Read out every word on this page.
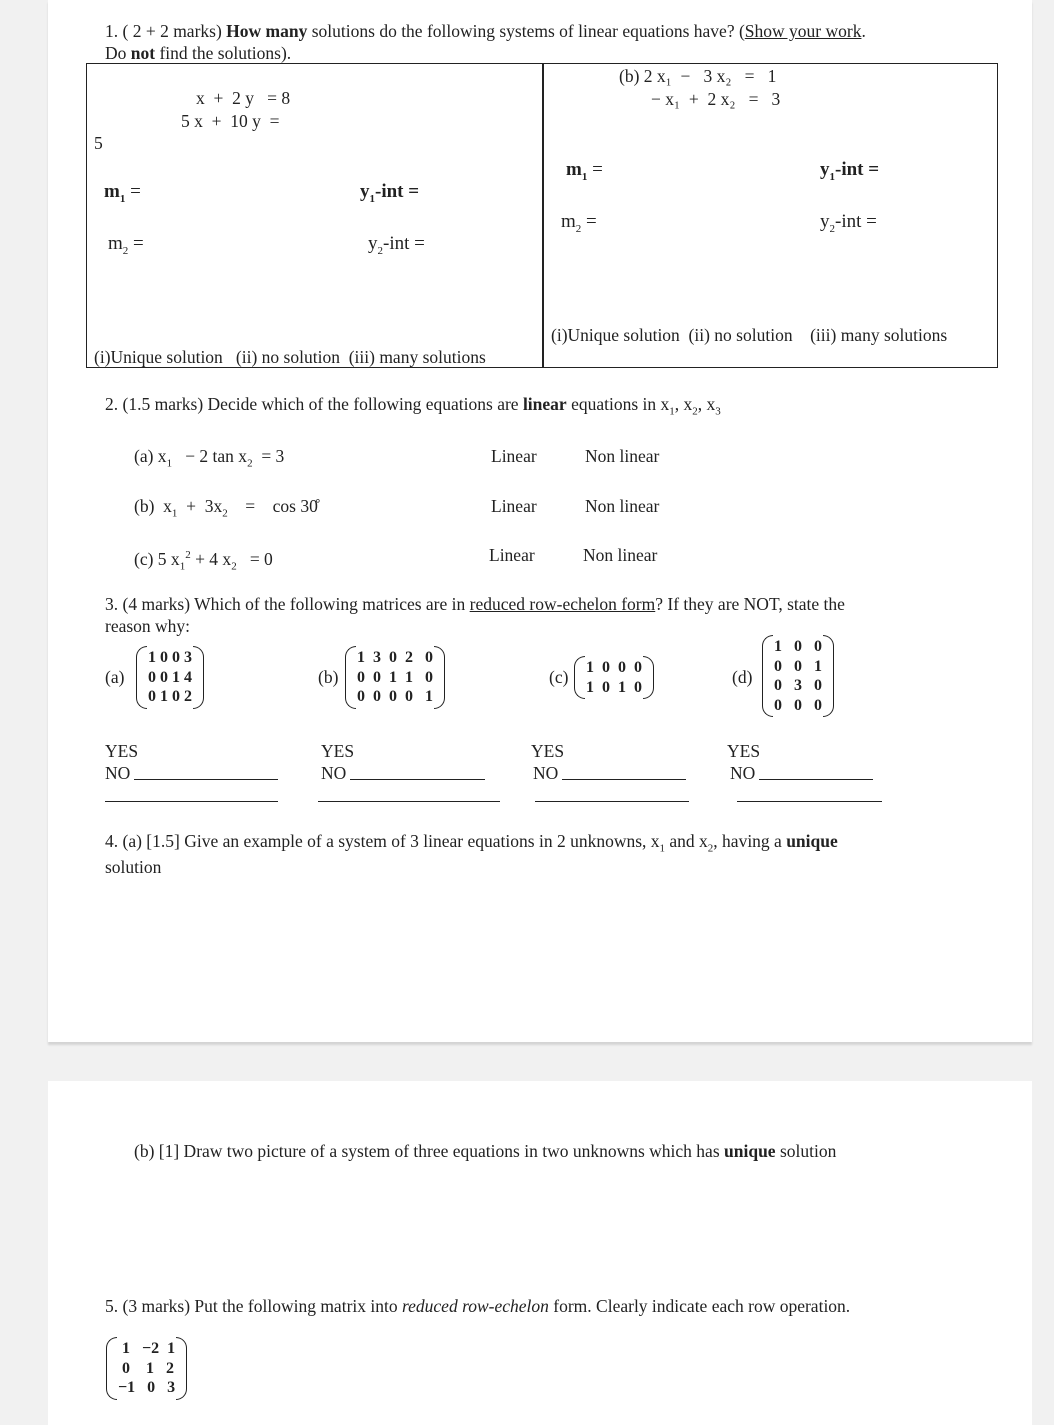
1. ( 2 + 2 marks) How many solutions do the following systems of linear equations have? (Show your work.
Do not find the solutions).
x  +  2 y   = 8
5 x  +  10 y  =
5
$m_1$ =	$y_1$-int =
$m_2$ =	$y_2$-int =
(i)Unique solution   (ii) no solution  (iii) many solutions
(b) 2 x₁  −   3 x₂   =   1
− x₁  +  2 x₂   =   3
$m_1$ =	$y_1$-int =
$m_2$ =	$y_2$-int =
(i)Unique solution  (ii) no solution    (iii) many solutions
2. (1.5 marks) Decide which of the following equations are linear equations in $x_1$, $x_2$, $x_3$
(a) $x_1 - 2$ $\tan x_2 = 3$	Linear	Non linear
(b)  $x_1 + 3x_2$    =    cos 30̊	Linear	Non linear
(c) 5 $x_1^2 + 4$ $x_2 = 0$	Linear	Non linear
3. (4 marks) Which of the following matrices are in reduced row-echelon form? If they are NOT, state the
reason why:
(a)
1 0 0 3
0 0 1 4
0 1 0 2
(b)
1  3  0  2   0
0  0  1  1   0
0  0  0  0   1
(c) 1  0  0  0
1  0  1  0	(d)
1   0   0
0   0   1
0   3   0
0   0   0
YES
NO
YES
NO
YES
NO
YES
NO
4. (a) [1.5] Give an example of a system of 3 linear equations in 2 unknowns, $x_1$ and $x_2$, having a unique
solution
(b) [1] Draw two picture of a system of three equations in two unknowns which has unique solution
5. (3 marks) Put the following matrix into reduced row-echelon form. Clearly indicate each row operation.
1   −2  1
0    1   2
−1   0   3
